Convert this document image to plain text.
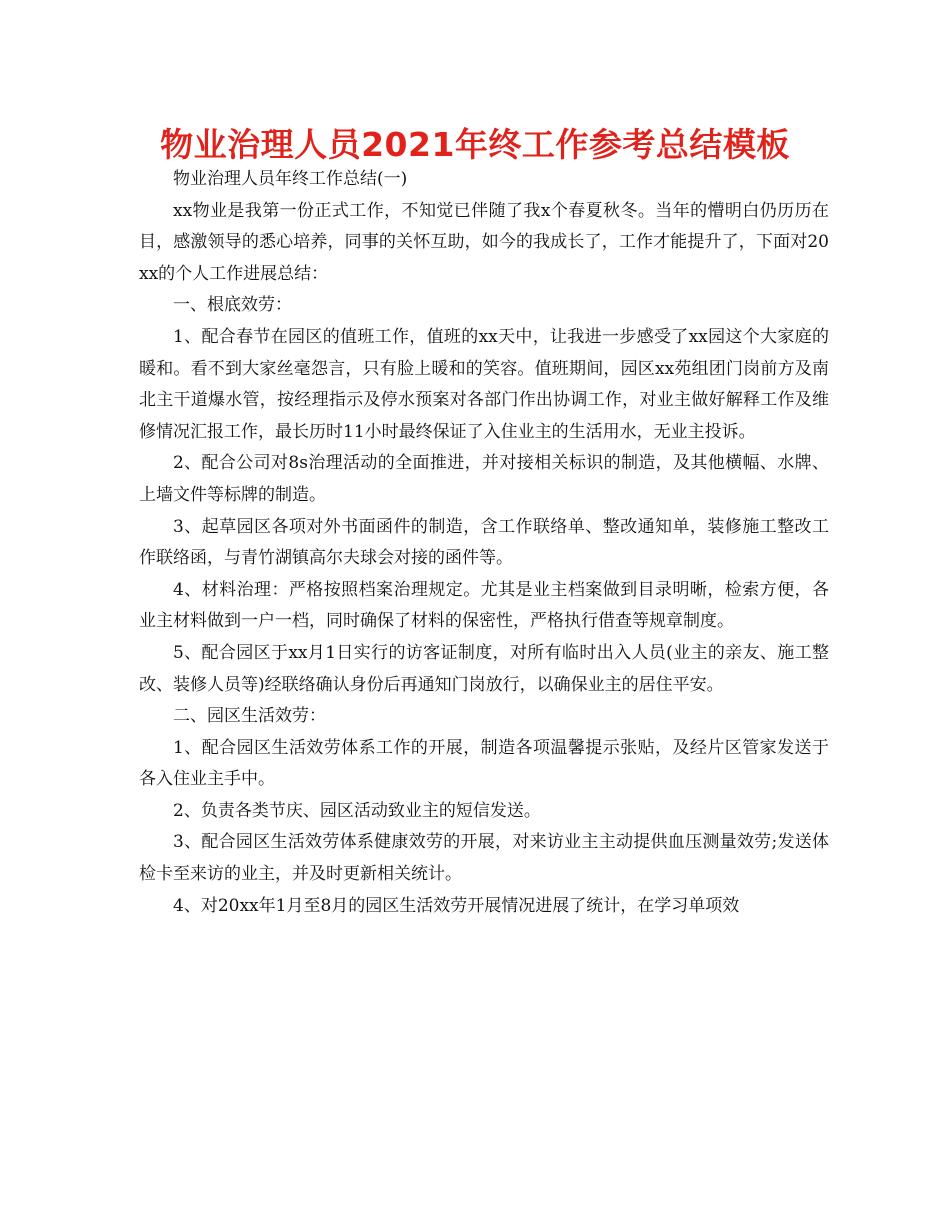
物业治理人员2021年终工作参考总结模板

物业治理人员年终工作总结(一)

xx物业是我第一份正式工作，不知觉已伴随了我x个春夏秋冬。当年的懵明白仍历历在目，感激领导的悉心培养，同事的关怀互助，如今的我成长了，工作才能提升了，下面对20xx的个人工作进展总结：

一、根底效劳：

1、配合春节在园区的值班工作，值班的xx天中，让我进一步感受了xx园这个大家庭的暖和。看不到大家丝毫怨言，只有脸上暖和的笑容。值班期间，园区xx苑组团门岗前方及南北主干道爆水管，按经理指示及停水预案对各部门作出协调工作，对业主做好解释工作及维修情况汇报工作，最长历时11小时最终保证了入住业主的生活用水，无业主投诉。

2、配合公司对8s治理活动的全面推进，并对接相关标识的制造，及其他横幅、水牌、上墙文件等标牌的制造。

3、起草园区各项对外书面函件的制造，含工作联络单、整改通知单，装修施工整改工作联络函，与青竹湖镇高尔夫球会对接的函件等。

4、材料治理：严格按照档案治理规定。尤其是业主档案做到目录明晰，检索方便，各业主材料做到一户一档，同时确保了材料的保密性，严格执行借查等规章制度。

5、配合园区于xx月1日实行的访客证制度，对所有临时出入人员(业主的亲友、施工整改、装修人员等)经联络确认身份后再通知门岗放行，以确保业主的居住平安。

二、园区生活效劳：

1、配合园区生活效劳体系工作的开展，制造各项温馨提示张贴，及经片区管家发送于各入住业主手中。

2、负责各类节庆、园区活动致业主的短信发送。

3、配合园区生活效劳体系健康效劳的开展，对来访业主主动提供血压测量效劳;发送体检卡至来访的业主，并及时更新相关统计。

4、对20xx年1月至8月的园区生活效劳开展情况进展了统计，在学习单项效
